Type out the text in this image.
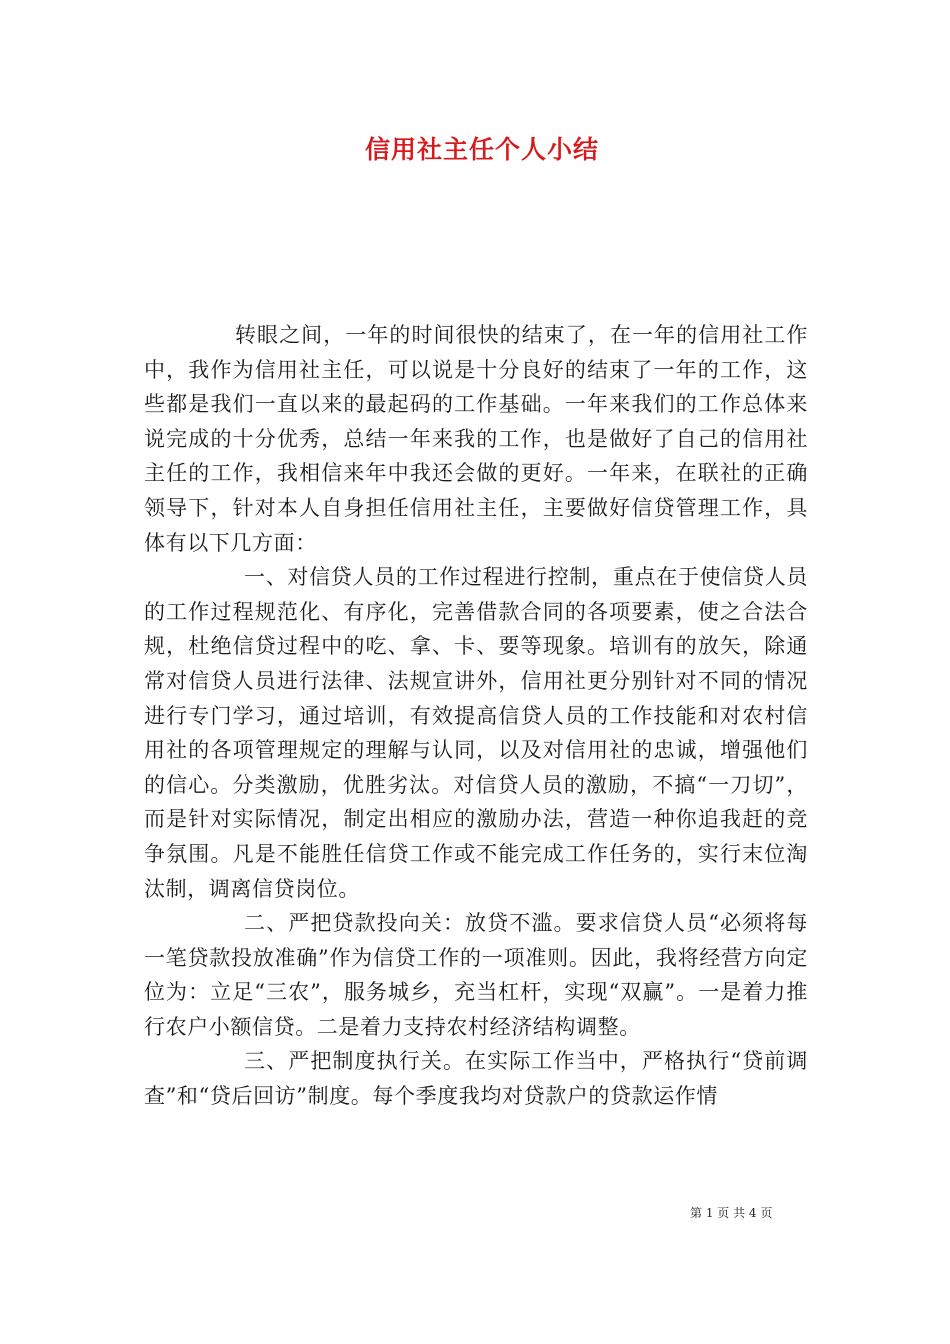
信用社主任个人小结

转眼之间，一年的时间很快的结束了，在一年的信用社工作中，我作为信用社主任，可以说是十分良好的结束了一年的工作，这些都是我们一直以来的最起码的工作基础。一年来我们的工作总体来说完成的十分优秀，总结一年来我的工作，也是做好了自己的信用社主任的工作，我相信来年中我还会做的更好。一年来，在联社的正确领导下，针对本人自身担任信用社主任，主要做好信贷管理工作，具体有以下几方面：

一、对信贷人员的工作过程进行控制，重点在于使信贷人员的工作过程规范化、有序化，完善借款合同的各项要素，使之合法合规，杜绝信贷过程中的吃、拿、卡、要等现象。培训有的放矢，除通常对信贷人员进行法律、法规宣讲外，信用社更分别针对不同的情况进行专门学习，通过培训，有效提高信贷人员的工作技能和对农村信用社的各项管理规定的理解与认同，以及对信用社的忠诚，增强他们的信心。分类激励，优胜劣汰。对信贷人员的激励，不搞“一刀切”，而是针对实际情况，制定出相应的激励办法，营造一种你追我赶的竞争氛围。凡是不能胜任信贷工作或不能完成工作任务的，实行末位淘汰制，调离信贷岗位。

二、严把贷款投向关：放贷不滥。要求信贷人员“必须将每一笔贷款投放准确”作为信贷工作的一项准则。因此，我将经营方向定位为：立足“三农”，服务城乡，充当杠杆，实现“双赢”。一是着力推行农户小额信贷。二是着力支持农村经济结构调整。

三、严把制度执行关。在实际工作当中，严格执行“贷前调查”和“贷后回访”制度。每个季度我均对贷款户的贷款运作情

第 1 页 共 4 页
